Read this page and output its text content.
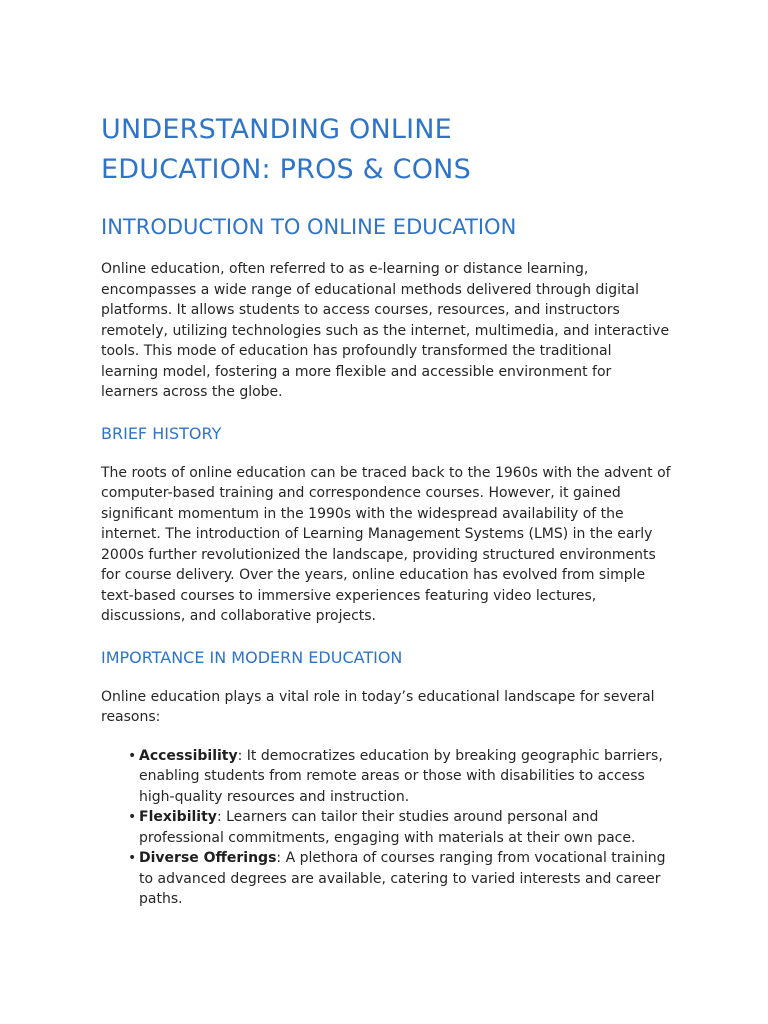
UNDERSTANDING ONLINE
EDUCATION: PROS & CONS
INTRODUCTION TO ONLINE EDUCATION

Online education, often referred to as e-learning or distance learning, encompasses a wide range of educational methods delivered through digital platforms. It allows students to access courses, resources, and instructors remotely, utilizing technologies such as the internet, multimedia, and interactive tools. This mode of education has profoundly transformed the traditional learning model, fostering a more flexible and accessible environment for learners across the globe.

BRIEF HISTORY

The roots of online education can be traced back to the 1960s with the advent of computer-based training and correspondence courses. However, it gained significant momentum in the 1990s with the widespread availability of the internet. The introduction of Learning Management Systems (LMS) in the early 2000s further revolutionized the landscape, providing structured environments for course delivery. Over the years, online education has evolved from simple text-based courses to immersive experiences featuring video lectures, discussions, and collaborative projects.

IMPORTANCE IN MODERN EDUCATION

Online education plays a vital role in today’s educational landscape for several reasons:

• Accessibility: It democratizes education by breaking geographic barriers, enabling students from remote areas or those with disabilities to access high-quality resources and instruction.
• Flexibility: Learners can tailor their studies around personal and professional commitments, engaging with materials at their own pace.
• Diverse Offerings: A plethora of courses ranging from vocational training to advanced degrees are available, catering to varied interests and career paths.
